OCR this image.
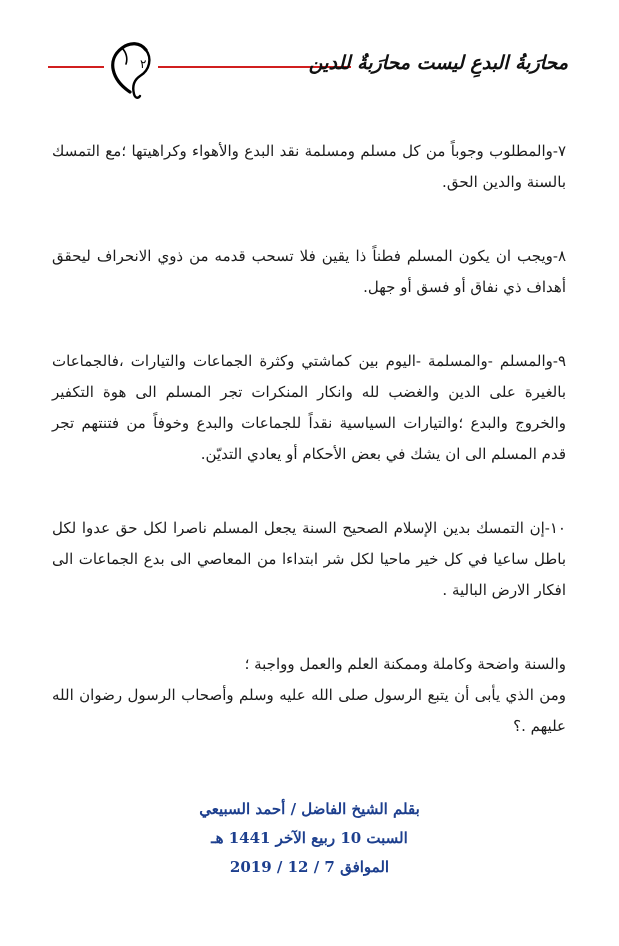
٢	محارَبةُ البدعِ ليست محارَبةٌ للدين

٧-والمطلوب وجوباً من كل مسلم ومسلمة نقد البدع والأهواء وكراهيتها ؛مع التمسك بالسنة والدين الحق.

٨-ويجب ان يكون المسلم فطناً ذا يقين فلا تسحب قدمه من ذوي الانحراف ليحقق أهداف ذي نفاق أو فسق أو جهل.

٩-والمسلم -والمسلمة -اليوم بين كماشتي وكثرة الجماعات والتيارات ،فالجماعات بالغيرة على الدين والغضب لله وانكار المنكرات تجر المسلم الى هوة التكفير والخروج والبدع ؛والتيارات السياسية نقداً للجماعات والبدع وخوفاً من فتنتهم تجر قدم المسلم الى ان يشك في بعض الأحكام أو يعادي التديّن.

١٠-إن التمسك بدين الإسلام الصحيح السنة يجعل المسلم ناصرا لكل حق عدوا لكل باطل ساعيا في كل خير ماحيا لكل شر ابتداءا من المعاصي الى بدع الجماعات الى افكار الارض البالية .

والسنة واضحة وكاملة وممكنة العلم والعمل وواجبة ؛
ومن الذي يأبى أن يتبع الرسول صلى الله عليه وسلم وأصحاب الرسول رضوان الله عليهم .؟

بقلم الشيخ الفاضل / أحمد السبيعي
السبت 10 ربيع الآخر 1441 هـ
الموافق 7 / 12 / 2019
